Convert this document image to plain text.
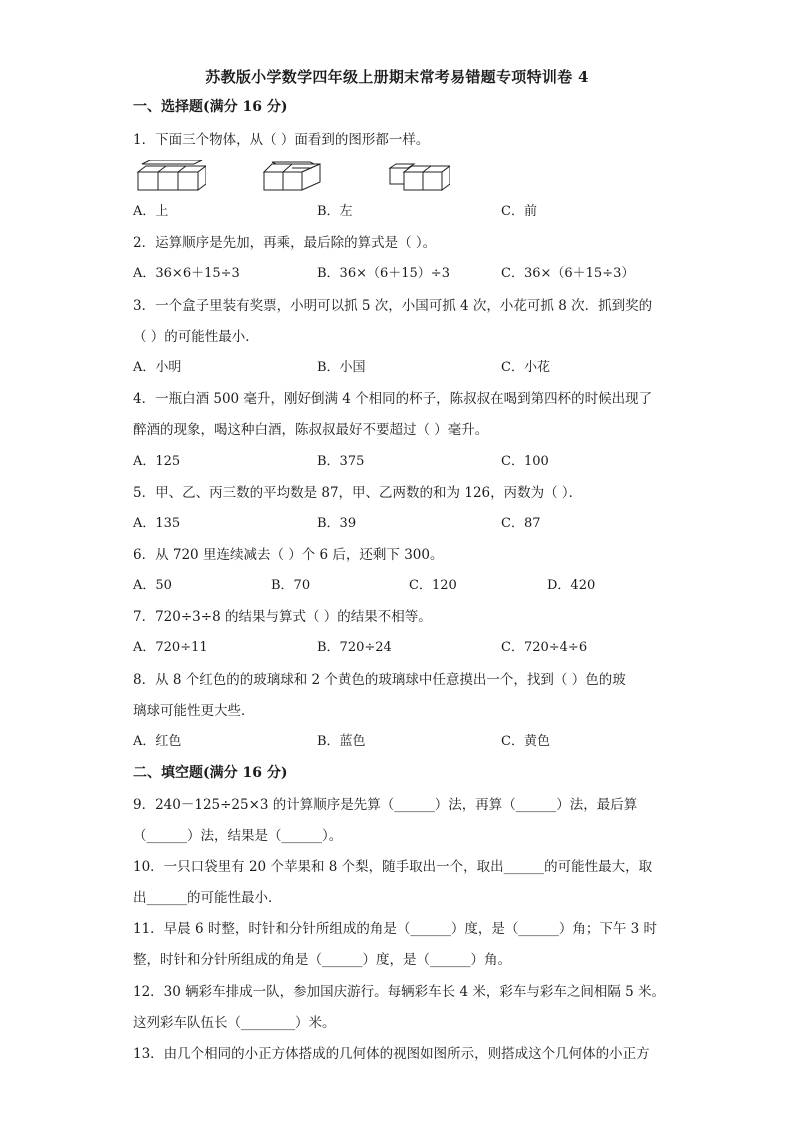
苏教版小学数学四年级上册期末常考易错题专项特训卷 4
一、选择题(满分 16 分)
1．下面三个物体，从（ ）面看到的图形都一样。
A．上	B．左	C．前
2．运算顺序是先加，再乘，最后除的算式是（ ）。
A．36×6＋15÷3	B．36×（6＋15）÷3	C．36×（6＋15÷3）
3．一个盒子里装有奖票，小明可以抓 5 次，小国可抓 4 次，小花可抓 8 次．抓到奖的
（ ）的可能性最小．
A．小明	B．小国	C．小花
4．一瓶白酒 500 毫升，刚好倒满 4 个相同的杯子，陈叔叔在喝到第四杯的时候出现了
醉酒的现象，喝这种白酒，陈叔叔最好不要超过（ ）毫升。
A．125	B．375	C．100
5．甲、乙、丙三数的平均数是 87，甲、乙两数的和为 126，丙数为（ ）．
A．135	B．39	C．87
6．从 720 里连续减去（ ）个 6 后，还剩下 300。
A．50	B．70	C．120	D．420
7．720÷3÷8 的结果与算式（ ）的结果不相等。
A．720÷11	B．720÷24	C．720÷4÷6
8．从 8 个红色的的玻璃球和 2 个黄色的玻璃球中任意摸出一个，找到（ ）色的玻
璃球可能性更大些．
A．红色	B．蓝色	C．黄色
二、填空题(满分 16 分)
9．240－125÷25×3 的计算顺序是先算（______）法，再算（______）法，最后算
（______）法，结果是（______）。
10．一只口袋里有 20 个苹果和 8 个梨，随手取出一个，取出______的可能性最大，取
出______的可能性最小．
11．早晨 6 时整，时针和分针所组成的角是（______）度，是（______）角；下午 3 时
整，时针和分针所组成的角是（______）度，是（______）角。
12．30 辆彩车排成一队，参加国庆游行。每辆彩车长 4 米，彩车与彩车之间相隔 5 米。
这列彩车队伍长（________）米。
13．由几个相同的小正方体搭成的几何体的视图如图所示，则搭成这个几何体的小正方
